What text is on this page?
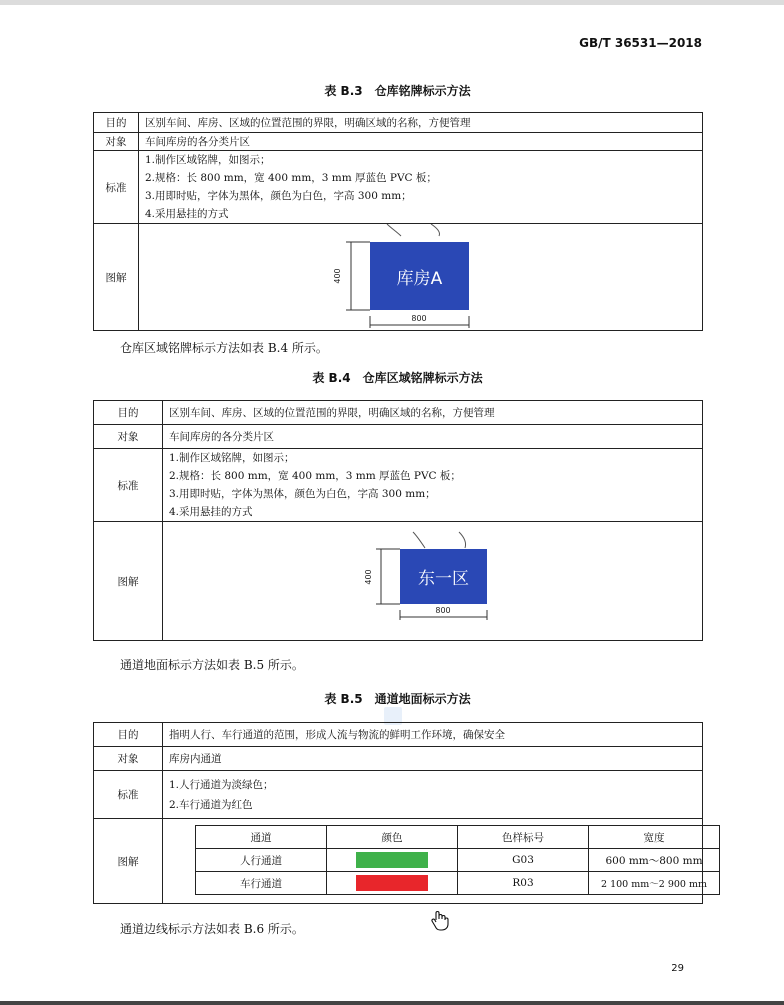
GB/T 36531—2018
表 B.3　仓库铭牌标示方法
目的	区别车间、库房、区域的位置范围的界限，明确区域的名称，方便管理
对象	车间库房的各分类片区
标准	1.制作区域铭牌，如图示；
2.规格：长 800 mm，宽 400 mm，3 mm 厚蓝色 PVC 板；
3.用即时贴，字体为黑体，颜色为白色，字高 300 mm；
4.采用悬挂的方式

图解	400
800
库房A
仓库区域铭牌标示方法如表 B.4 所示。
表 B.4　仓库区域铭牌标示方法
目的	区别车间、库房、区域的位置范围的界限，明确区域的名称，方便管理
对象	车间库房的各分类片区
标准	1.制作区域铭牌，如图示；
2.规格：长 800 mm，宽 400 mm，3 mm 厚蓝色 PVC 板；
3.用即时贴，字体为黑体，颜色为白色，字高 300 mm；
4.采用悬挂的方式

图解	400
800
东一区
通道地面标示方法如表 B.5 所示。
表 B.5　通道地面标示方法
目的	指明人行、车行通道的范围，形成人流与物流的鲜明工作环境，确保安全
对象	库房内通道
标准	
1.人行通道为淡绿色；
2.车行通道为红色

图解	
通道	颜色	色样标号	宽度
人行通道		G03	600 mm～800 mm
车行通道		R03	2 100 mm～2 900 mm
通道边线标示方法如表 B.6 所示。
29
